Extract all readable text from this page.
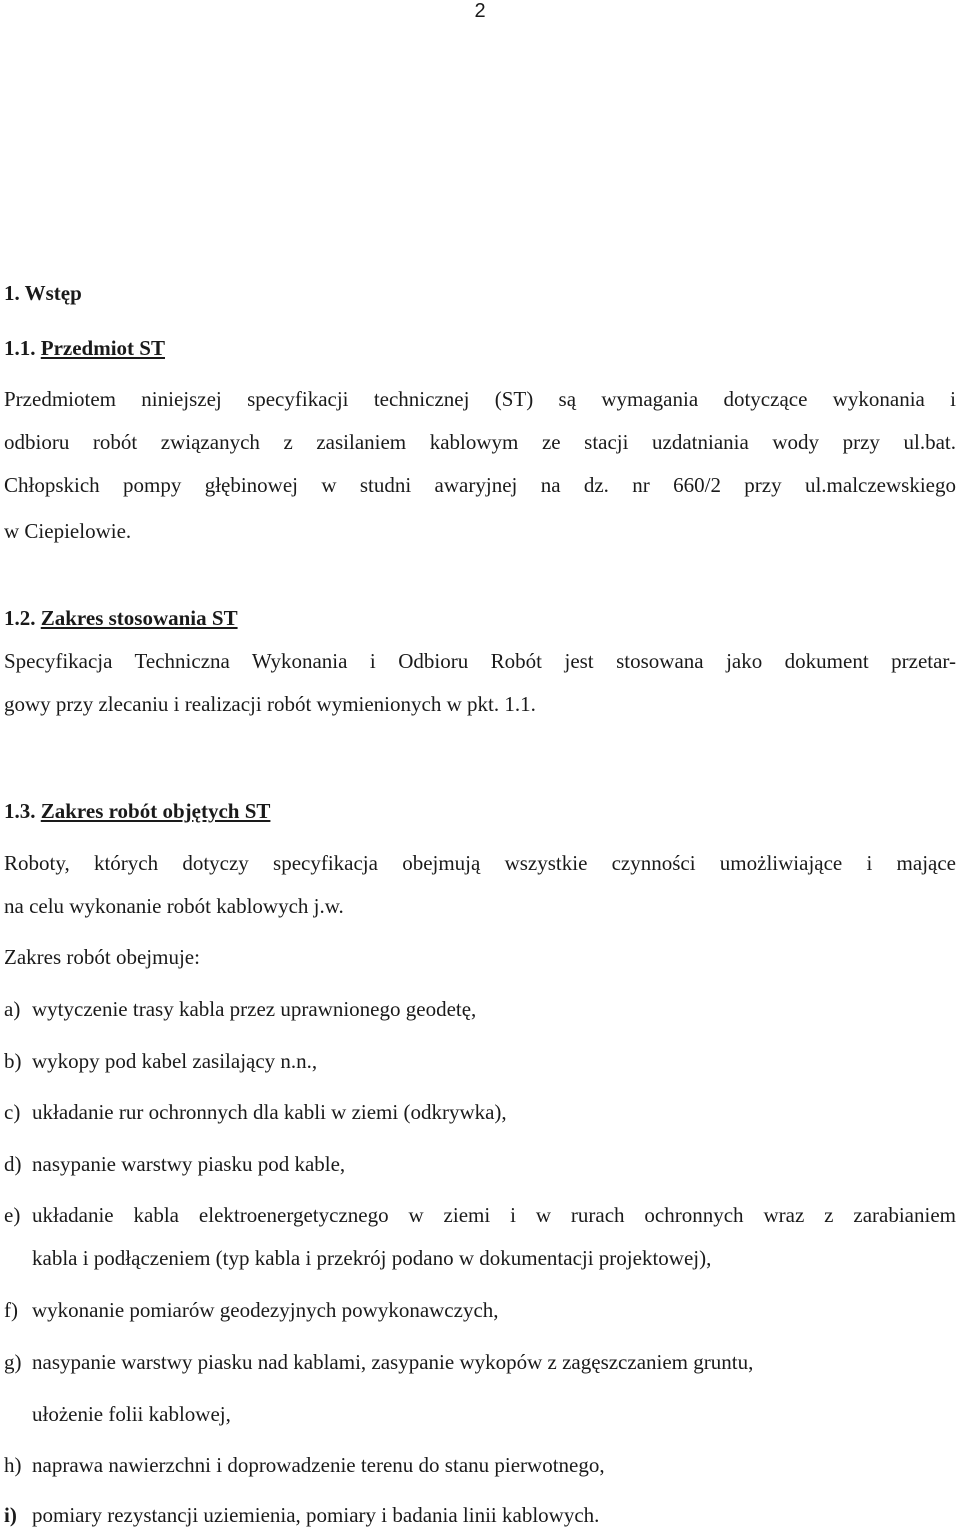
2
1. Wstęp
1.1. Przedmiot ST
Przedmiotem niniejszej specyfikacji technicznej (ST) są wymagania dotyczące wykonania i
odbioru robót związanych z zasilaniem kablowym ze stacji uzdatniania wody przy ul.bat.
Chłopskich pompy głębinowej w studni awaryjnej na dz. nr 660/2 przy ul.malczewskiego
w Ciepielowie.
1.2. Zakres stosowania ST
Specyfikacja Techniczna Wykonania i Odbioru Robót jest stosowana jako dokument przetar-
gowy przy zlecaniu i realizacji robót wymienionych w pkt. 1.1.
1.3. Zakres robót objętych ST
Roboty, których dotyczy specyfikacja obejmują wszystkie czynności umożliwiające i mające
na celu wykonanie robót kablowych j.w.
Zakres robót obejmuje:
a) wytyczenie trasy kabla przez uprawnionego geodetę,
b) wykopy pod kabel zasilający n.n.,
c) układanie rur ochronnych dla kabli w ziemi (odkrywka),
d) nasypanie warstwy piasku pod kable,
e) układanie kabla elektroenergetycznego w ziemi i w rurach ochronnych wraz z zarabianiem
kabla i podłączeniem (typ kabla i przekrój podano w dokumentacji projektowej),
f) wykonanie pomiarów geodezyjnych powykonawczych,
g) nasypanie warstwy piasku nad kablami, zasypanie wykopów z zagęszczaniem gruntu,
ułożenie folii kablowej,
h) naprawa nawierzchni i doprowadzenie terenu do stanu pierwotnego,
i) pomiary rezystancji uziemienia, pomiary i badania linii kablowych.
